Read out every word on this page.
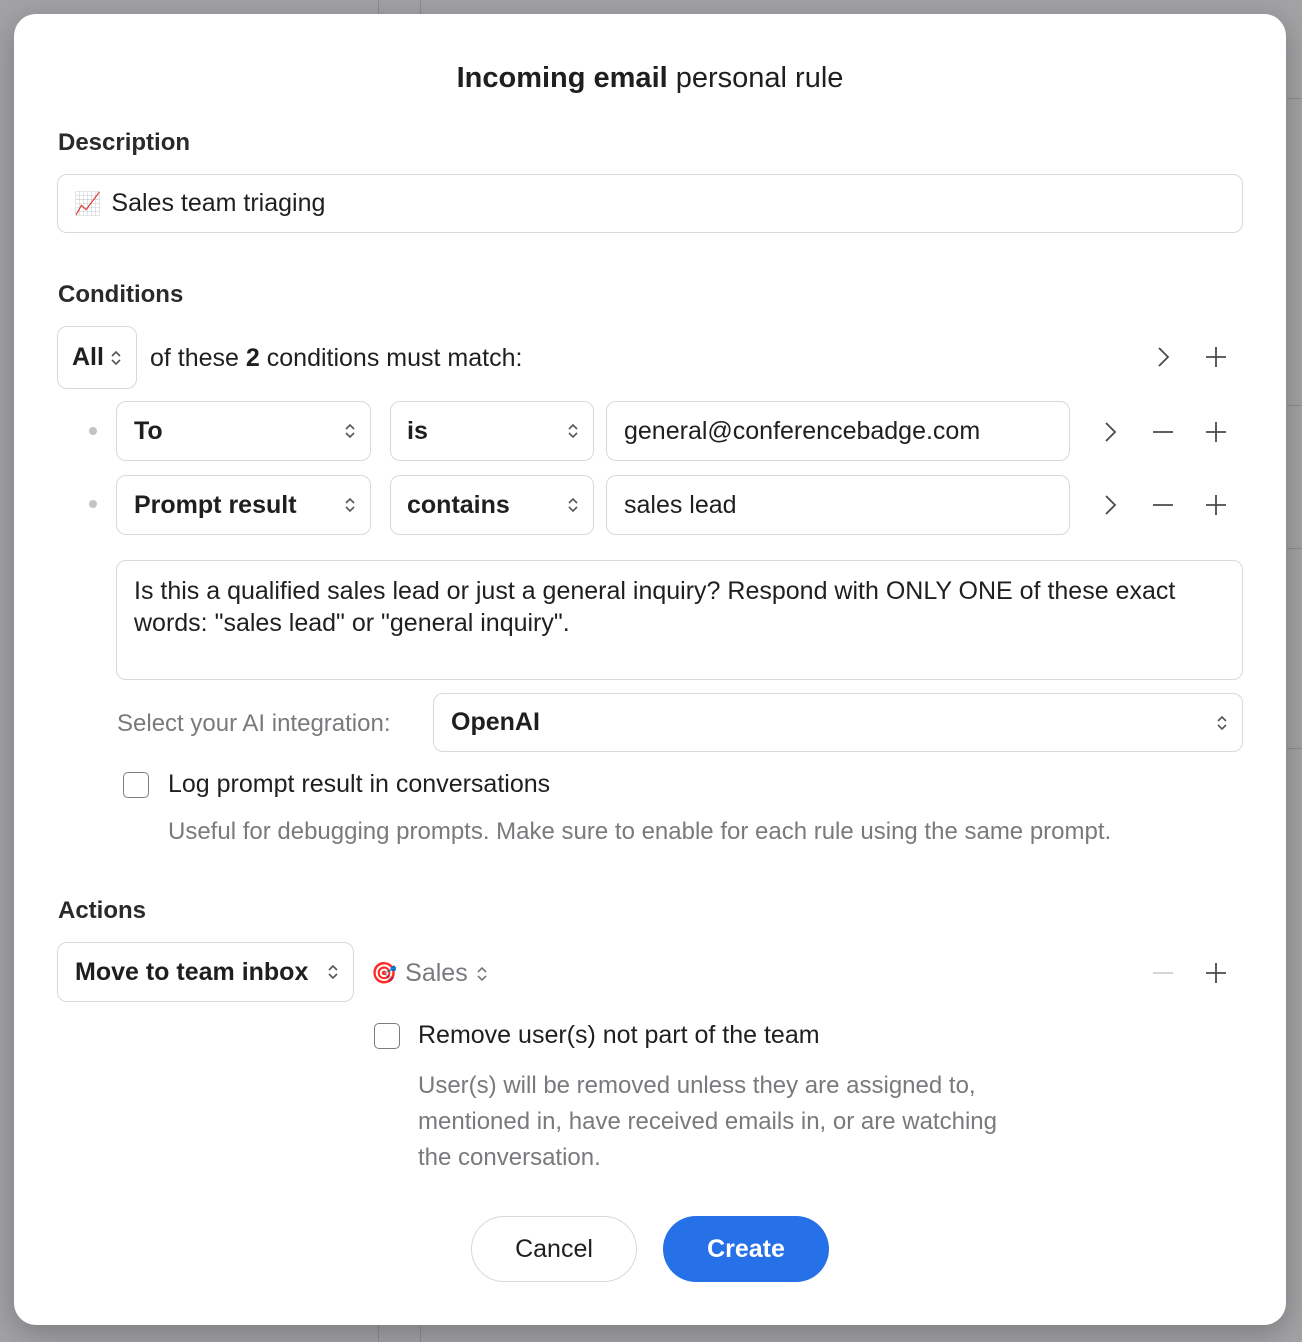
Incoming email personal rule
Description
📈 Sales team triaging
Conditions
All of these 2 conditions must match:
To	is	general@conferencebadge.com
Prompt result	contains	sales lead
Is this a qualified sales lead or just a general inquiry? Respond with ONLY ONE of these exact words: "sales lead" or "general inquiry".
Select your AI integration: OpenAI
Log prompt result in conversations
Useful for debugging prompts. Make sure to enable for each rule using the same prompt.
Actions
Move to team inbox	🎯 Sales
Remove user(s) not part of the team
User(s) will be removed unless they are assigned to,
mentioned in, have received emails in, or are watching
the conversation.
Cancel	Create
